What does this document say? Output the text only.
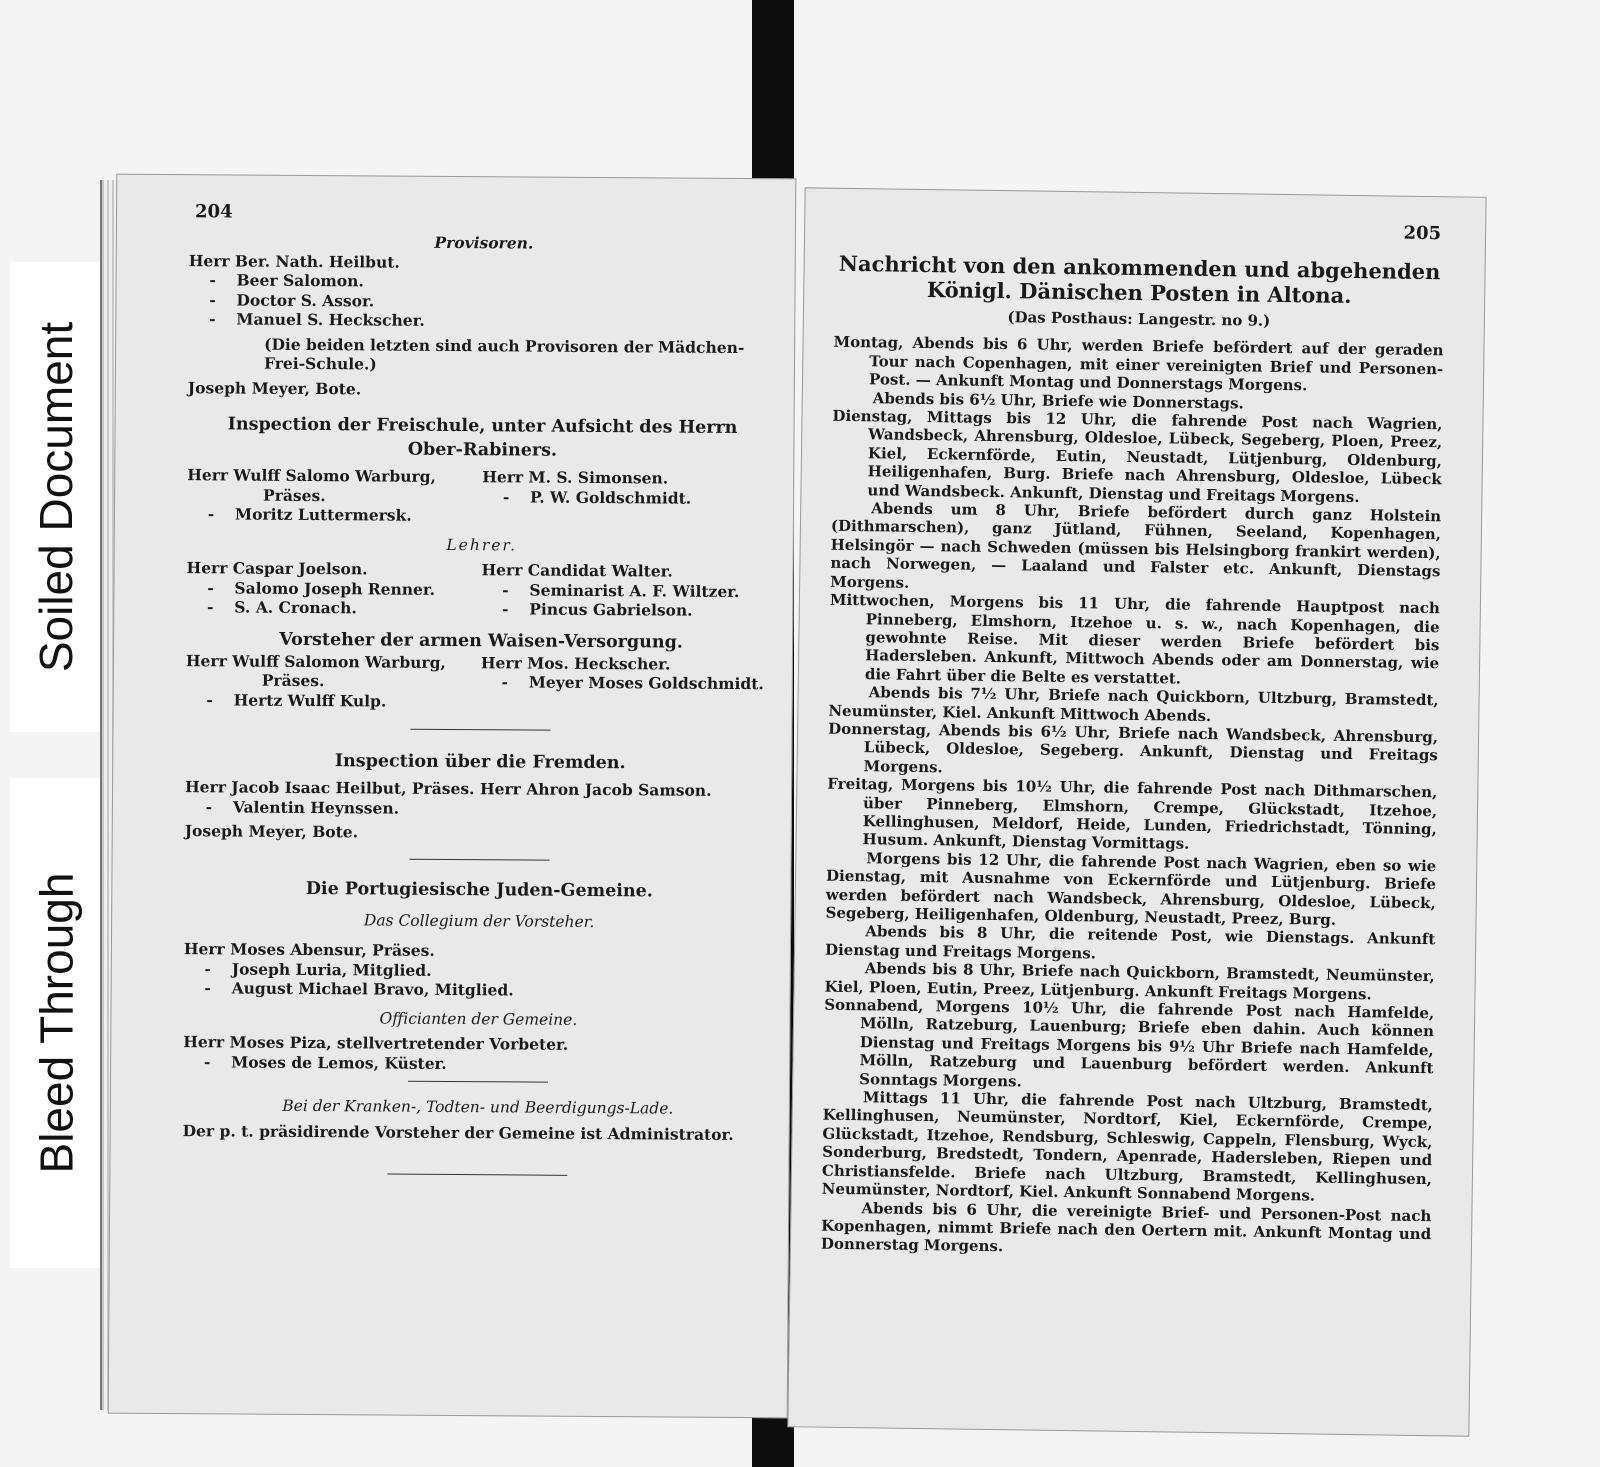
Soiled Document
Bleed Through
204
Provisoren.
Herr Ber. Nath. Heilbut.
- Beer Salomon.
- Doctor S. Assor.
- Manuel S. Heckscher.
(Die beiden letzten sind auch Provisoren der Mädchen-Frei-Schule.)
Joseph Meyer, Bote.
Inspection der Freischule, unter Aufsicht des Herrn Ober-Rabiners.
Herr Wulff Salomo Warburg,
Präses.
- Moritz Luttermersk.
Herr M. S. Simonsen.
- P. W. Goldschmidt.
Lehrer.
Herr Caspar Joelson.
- Salomo Joseph Renner.
- S. A. Cronach.
Herr Candidat Walter.
- Seminarist A. F. Wiltzer.
- Pincus Gabrielson.
Vorsteher der armen Waisen-Versorgung.
Herr Wulff Salomon Warburg,
Präses.
- Hertz Wulff Kulp.
Herr Mos. Heckscher.
- Meyer Moses Goldschmidt.
Inspection über die Fremden.
Herr Jacob Isaac Heilbut, Präses.
- Valentin Heynssen.
Herr Ahron Jacob Samson.
Joseph Meyer, Bote.
Die Portugiesische Juden-Gemeine.
Das Collegium der Vorsteher.
Herr Moses Abensur, Präses.
- Joseph Luria, Mitglied.
- August Michael Bravo, Mitglied.
Officianten der Gemeine.
Herr Moses Piza, stellvertretender Vorbeter.
- Moses de Lemos, Küster.
Bei der Kranken-, Todten- und Beerdigungs-Lade.
Der p. t. präsidirende Vorsteher der Gemeine ist Administrator.
205
Nachricht von den ankommenden und abgehenden
Königl. Dänischen Posten in Altona.
(Das Posthaus: Langestr. no 9.)

Montag, Abends bis 6 Uhr, werden Briefe befördert auf der geraden Tour nach Copenhagen, mit einer vereinigten Brief und Personen-Post. — Ankunft Montag und Donnerstags Morgens.

Abends bis 6½ Uhr, Briefe wie Donnerstags.

Dienstag, Mittags bis 12 Uhr, die fahrende Post nach Wagrien, Wandsbeck, Ahrensburg, Oldesloe, Lübeck, Segeberg, Ploen, Preez, Kiel, Eckernförde, Eutin, Neustadt, Lütjenburg, Oldenburg, Heiligenhafen, Burg. Briefe nach Ahrensburg, Oldesloe, Lübeck und Wandsbeck. Ankunft, Dienstag und Freitags Morgens.

Abends um 8 Uhr, Briefe befördert durch ganz Holstein (Dithmarschen), ganz Jütland, Fühnen, Seeland, Kopenhagen, Helsingör — nach Schweden (müssen bis Helsingborg frankirt werden), nach Norwegen, — Laaland und Falster etc. Ankunft, Dienstags Morgens.

Mittwochen, Morgens bis 11 Uhr, die fahrende Hauptpost nach Pinneberg, Elmshorn, Itzehoe u. s. w., nach Kopenhagen, die gewohnte Reise. Mit dieser werden Briefe befördert bis Hadersleben. Ankunft, Mittwoch Abends oder am Donnerstag, wie die Fahrt über die Belte es verstattet.

Abends bis 7½ Uhr, Briefe nach Quickborn, Ultzburg, Bramstedt, Neumünster, Kiel. Ankunft Mittwoch Abends.

Donnerstag, Abends bis 6½ Uhr, Briefe nach Wandsbeck, Ahrensburg, Lübeck, Oldesloe, Segeberg. Ankunft, Dienstag und Freitags Morgens.

Freitag, Morgens bis 10½ Uhr, die fahrende Post nach Dithmarschen, über Pinneberg, Elmshorn, Crempe, Glückstadt, Itzehoe, Kellinghusen, Meldorf, Heide, Lunden, Friedrichstadt, Tönning, Husum. Ankunft, Dienstag Vormittags.

Morgens bis 12 Uhr, die fahrende Post nach Wagrien, eben so wie Dienstag, mit Ausnahme von Eckernförde und Lütjenburg. Briefe werden befördert nach Wandsbeck, Ahrensburg, Oldesloe, Lübeck, Segeberg, Heiligenhafen, Oldenburg, Neustadt, Preez, Burg.

Abends bis 8 Uhr, die reitende Post, wie Dienstags. Ankunft Dienstag und Freitags Morgens.

Abends bis 8 Uhr, Briefe nach Quickborn, Bramstedt, Neumünster, Kiel, Ploen, Eutin, Preez, Lütjenburg. Ankunft Freitags Morgens.

Sonnabend, Morgens 10½ Uhr, die fahrende Post nach Hamfelde, Mölln, Ratzeburg, Lauenburg; Briefe eben dahin. Auch können Dienstag und Freitags Morgens bis 9½ Uhr Briefe nach Hamfelde, Mölln, Ratzeburg und Lauenburg befördert werden. Ankunft Sonntags Morgens.

Mittags 11 Uhr, die fahrende Post nach Ultzburg, Bramstedt, Kellinghusen, Neumünster, Nordtorf, Kiel, Eckernförde, Crempe, Glückstadt, Itzehoe, Rendsburg, Schleswig, Cappeln, Flensburg, Wyck, Sonderburg, Bredstedt, Tondern, Apenrade, Hadersleben, Riepen und Christiansfelde. Briefe nach Ultzburg, Bramstedt, Kellinghusen, Neumünster, Nordtorf, Kiel. Ankunft Sonnabend Morgens.

Abends bis 6 Uhr, die vereinigte Brief- und Personen-Post nach Kopenhagen, nimmt Briefe nach den Oertern mit. Ankunft Montag und Donnerstag Morgens.
